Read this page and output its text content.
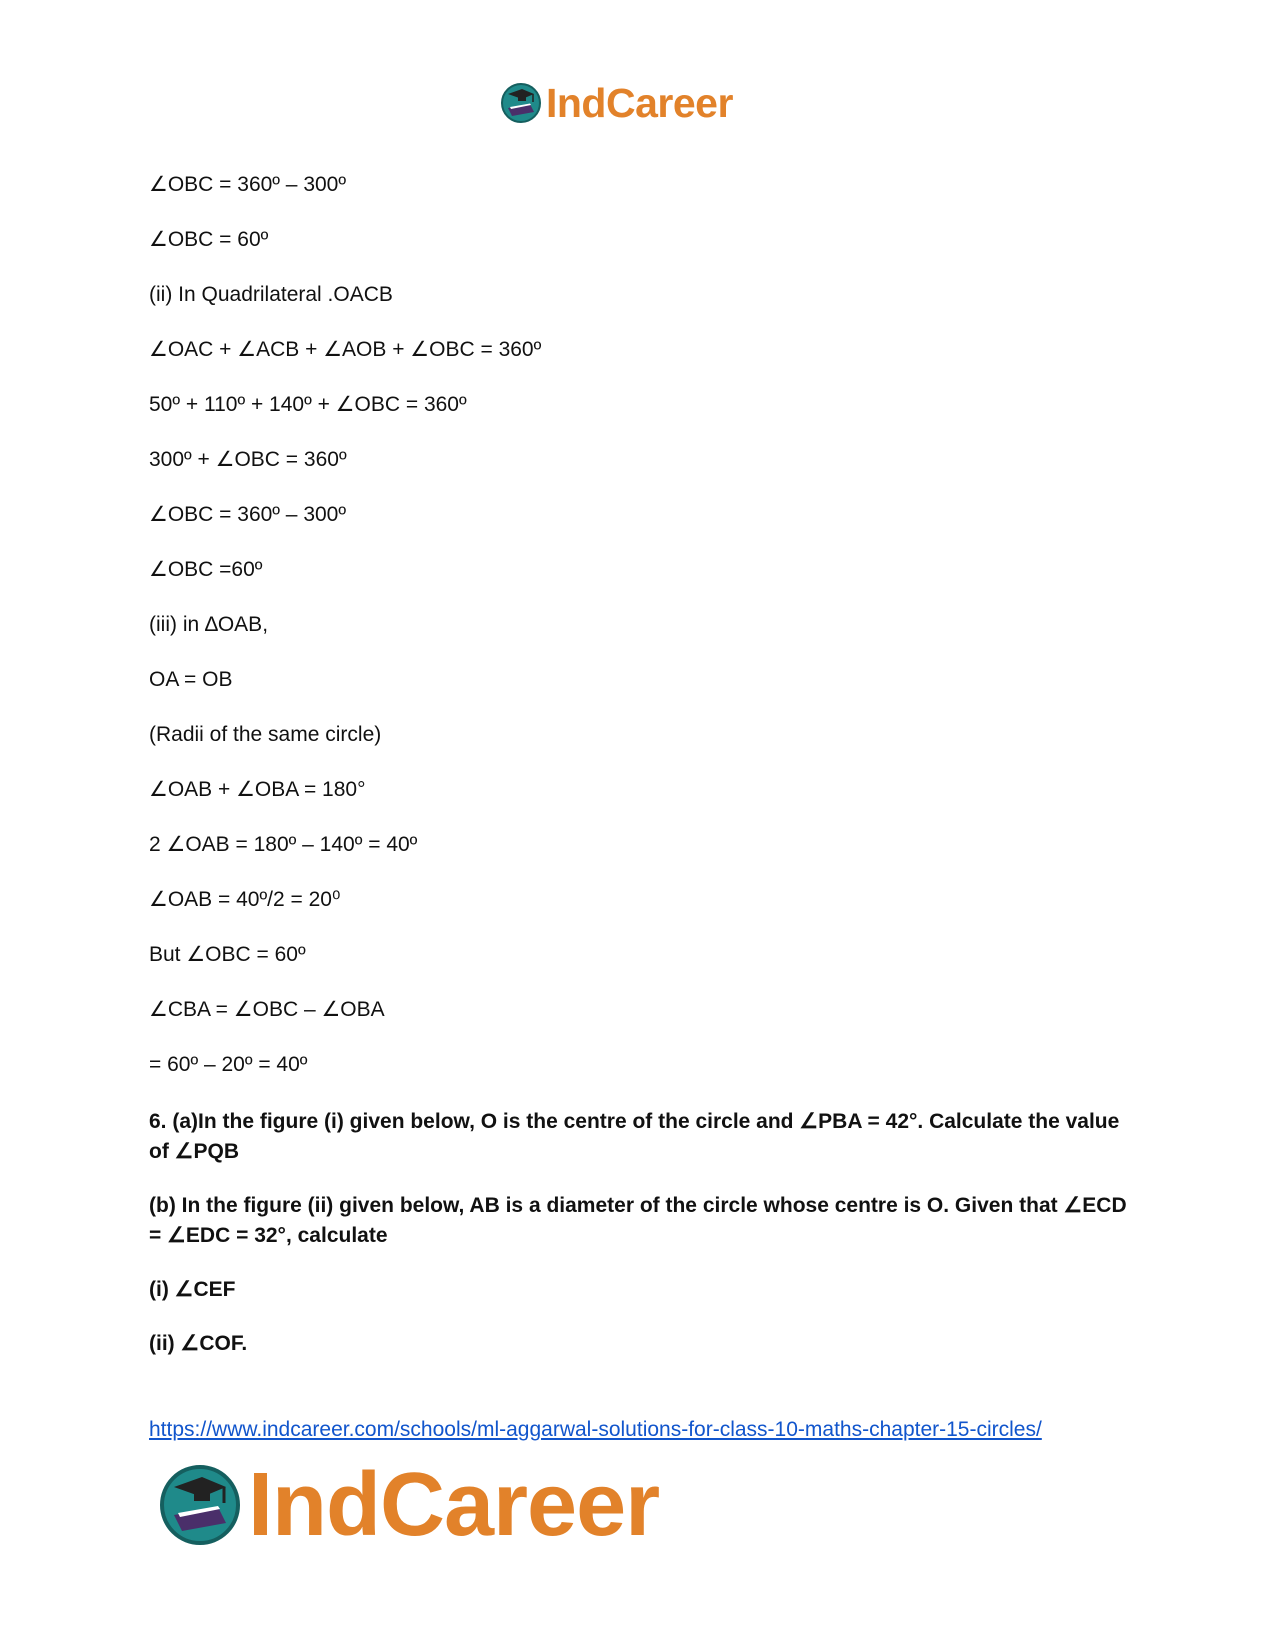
IndCareer
∠OBC = 360º – 300º
∠OBC = 60º
(ii) In Quadrilateral .OACB
∠OAC + ∠ACB + ∠AOB + ∠OBC = 360º
50º + 110º + 140º + ∠OBC = 360º
300º + ∠OBC = 360º
∠OBC = 360º – 300º
∠OBC =60º
(iii) in ∆OAB,
OA = OB
(Radii of the same circle)
∠OAB + ∠OBA = 180°
2 ∠OAB = 180º – 140º = 40º
∠OAB = 40º/2 = 20⁰
But ∠OBC = 60º
∠CBA = ∠OBC – ∠OBA
= 60º – 20º = 40º
6. (a)In the figure (i) given below, O is the centre of the circle and ∠PBA = 42°. Calculate the value of ∠PQB
(b) In the figure (ii) given below, AB is a diameter of the circle whose centre is O. Given that ∠ECD = ∠EDC = 32°, calculate
(i) ∠CEF
(ii) ∠COF.
https://www.indcareer.com/schools/ml-aggarwal-solutions-for-class-10-maths-chapter-15-circles/
IndCareer
